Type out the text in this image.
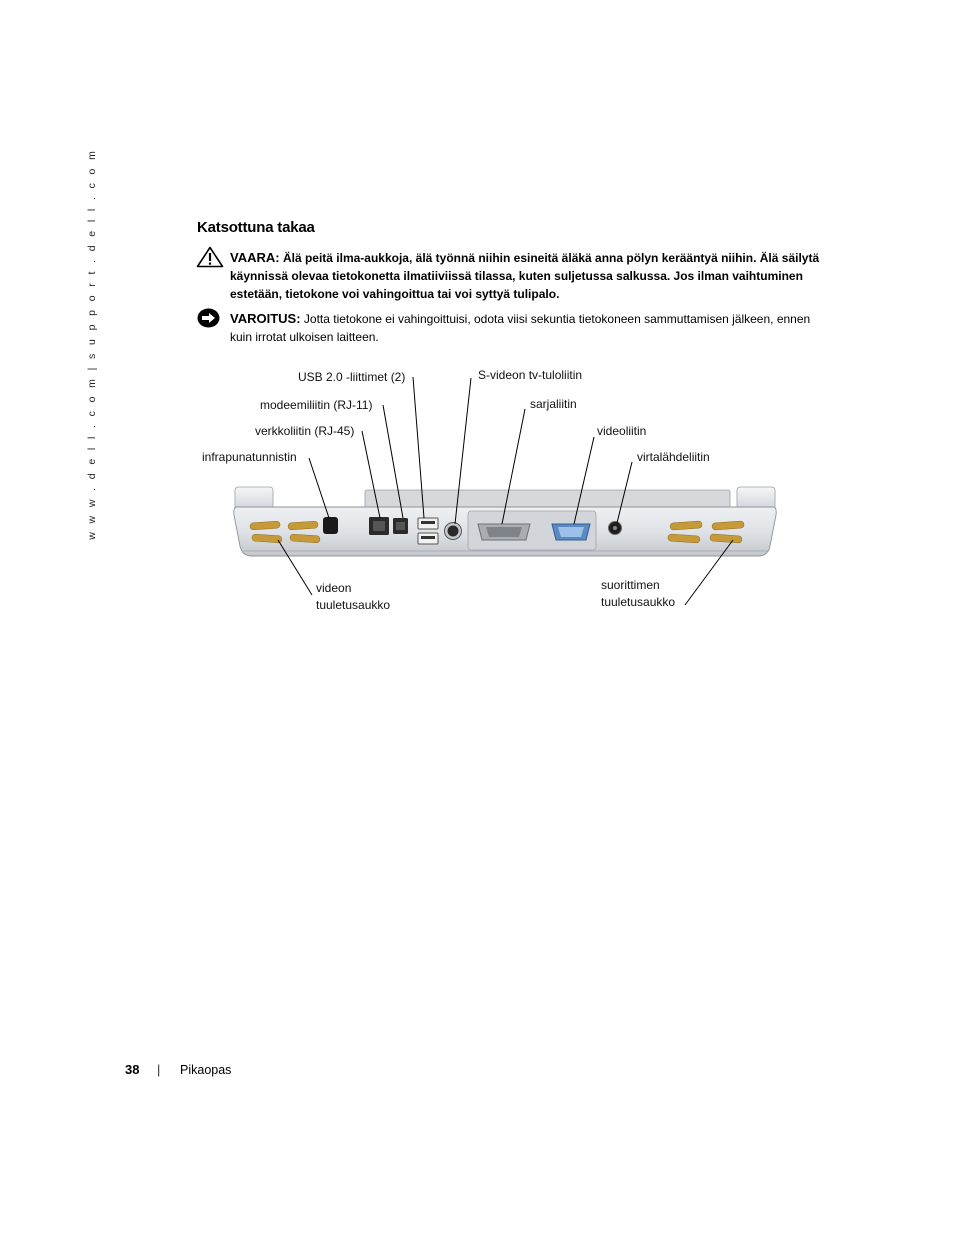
w w w . d e l l . c o m | s u p p o r t . d e l l . c o m	Katsottuna takaa
VAARA: Älä peitä ilma-aukkoja, älä työnnä niihin esineitä äläkä anna pölyn kerääntyä niihin. Älä säilytä käynnissä olevaa tietokonetta ilmatiiviissä tilassa, kuten suljetussa salkussa. Jos ilman vaihtuminen estetään, tietokone voi vahingoittua tai voi syttyä tulipalo.
VAROITUS: Jotta tietokone ei vahingoittuisi, odota viisi sekuntia tietokoneen sammuttamisen jälkeen, ennen kuin irrotat ulkoisen laitteen.
USB 2.0 -liittimet (2)
modeemiliitin (RJ-11)
verkkoliitin (RJ-45)
infrapunatunnistin
S-videon tv-tuloliitin
sarjaliitin
videoliitin
virtalähdeliitin
videon
tuuletusaukko
suorittimen
tuuletusaukko
38 | Pikaopas
